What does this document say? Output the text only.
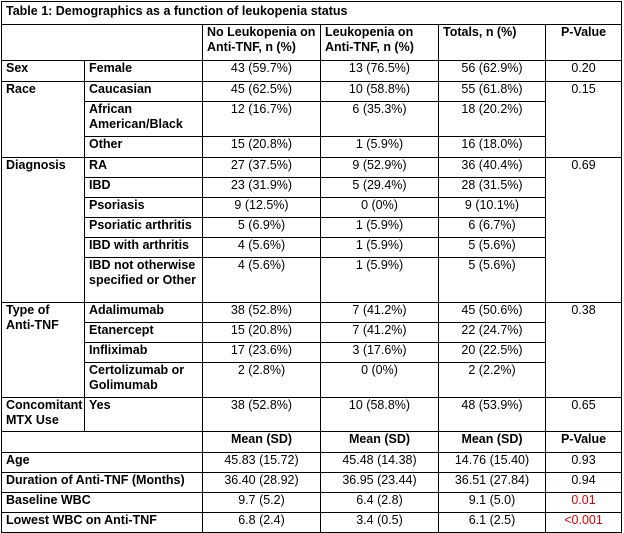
Table 1: Demographics as a function of leukopenia status					
		No Leukopenia on Anti-TNF, n (%)	Leukopenia on Anti-TNF, n (%)	Totals, n (%)	P-Value
Sex	Female	43 (59.7%)	13 (76.5%)	56 (62.9%)	0.20
Race	Caucasian	45 (62.5%)	10 (58.8%)	55 (61.8%)	0.15
	African American/Black	12 (16.7%)	6 (35.3%)	18 (20.2%)	
	Other	15 (20.8%)	1 (5.9%)	16 (18.0%)	
Diagnosis	RA	27 (37.5%)	9 (52.9%)	36 (40.4%)	0.69
	IBD	23 (31.9%)	5 (29.4%)	28 (31.5%)	
	Psoriasis	9 (12.5%)	0 (0%)	9 (10.1%)	
	Psoriatic arthritis	5 (6.9%)	1 (5.9%)	6 (6.7%)	
	IBD with arthritis	4 (5.6%)	1 (5.9%)	5 (5.6%)	
	IBD not otherwise specified or Other	4 (5.6%)	1 (5.9%)	5 (5.6%)	
Type of Anti-TNF	Adalimumab	38 (52.8%)	7 (41.2%)	45 (50.6%)	0.38
	Etanercept	15 (20.8%)	7 (41.2%)	22 (24.7%)	
	Infliximab	17 (23.6%)	3 (17.6%)	20 (22.5%)	
	Certolizumab or Golimumab	2 (2.8%)	0 (0%)	2 (2.2%)	
Concomitant MTX Use	Yes	38 (52.8%)	10 (58.8%)	48 (53.9%)	0.65
		Mean (SD)	Mean (SD)	Mean (SD)	P-Value
Age		45.83 (15.72)	45.48 (14.38)	14.76 (15.40)	0.93
Duration of Anti-TNF (Months)		36.40 (28.92)	36.95 (23.44)	36.51 (27.84)	0.94
Baseline WBC		9.7 (5.2)	6.4 (2.8)	9.1 (5.0)	0.01
Lowest WBC on Anti-TNF		6.8 (2.4)	3.4 (0.5)	6.1 (2.5)	<0.001
